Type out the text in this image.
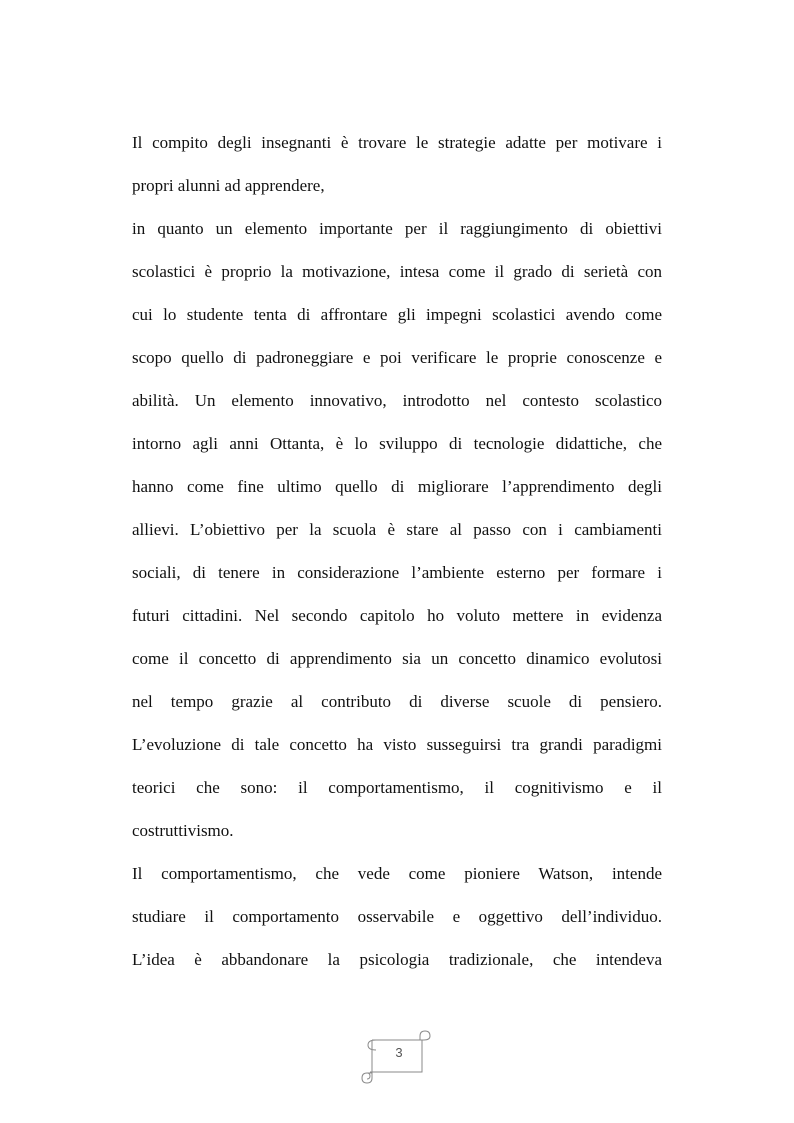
Il compito degli insegnanti è trovare le strategie adatte per motivare i
propri alunni ad apprendere,
in quanto un elemento importante per il raggiungimento di obiettivi
scolastici è proprio la motivazione, intesa come il grado di serietà con
cui lo studente tenta di affrontare gli impegni scolastici avendo come
scopo quello di padroneggiare e poi verificare le proprie conoscenze e
abilità. Un elemento innovativo, introdotto nel contesto scolastico
intorno agli anni Ottanta, è lo sviluppo di tecnologie didattiche, che
hanno come fine ultimo quello di migliorare l’apprendimento degli
allievi. L’obiettivo per la scuola è stare al passo con i cambiamenti
sociali, di tenere in considerazione l’ambiente esterno per formare i
futuri cittadini. Nel secondo capitolo ho voluto mettere in evidenza
come il concetto di apprendimento sia un concetto dinamico evolutosi
nel tempo grazie al contributo di diverse scuole di pensiero.
L’evoluzione di tale concetto ha visto susseguirsi tra grandi paradigmi
teorici che sono: il comportamentismo, il cognitivismo e il
costruttivismo.
Il comportamentismo, che vede come pioniere Watson, intende
studiare il comportamento osservabile e oggettivo dell’individuo.
L’idea è abbandonare la psicologia tradizionale, che intendeva
3
